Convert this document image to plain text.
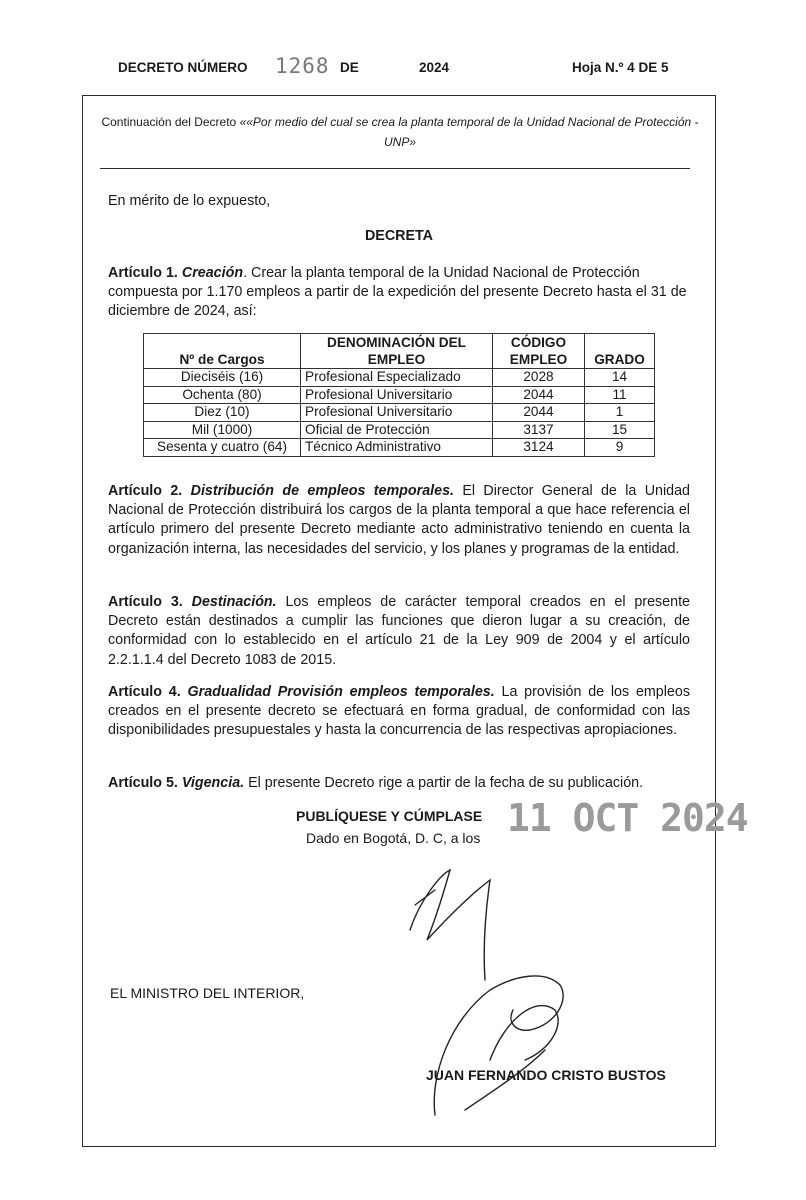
DECRETO NÚMERO 1268 DE	2024	Hoja N.º 4 DE 5
Continuación del Decreto ««Por medio del cual se crea la planta temporal de la Unidad Nacional de Protección - UNP»
En mérito de lo expuesto,
DECRETA
Artículo 1. Creación. Crear la planta temporal de la Unidad Nacional de Protección compuesta por 1.170 empleos a partir de la expedición del presente Decreto hasta el 31 de diciembre de 2024, así:
Nº de Cargos	DENOMINACIÓN DEL EMPLEO	CÓDIGO EMPLEO	GRADO
Dieciséis (16)	Profesional Especializado	2028	14
Ochenta (80)	Profesional Universitario	2044	11
Diez (10)	Profesional Universitario	2044	1
Mil (1000)	Oficial de Protección	3137	15
Sesenta y cuatro (64)	Técnico Administrativo	3124	9
Artículo 2. Distribución de empleos temporales. El Director General de la Unidad Nacional de Protección distribuirá los cargos de la planta temporal a que hace referencia el artículo primero del presente Decreto mediante acto administrativo teniendo en cuenta la organización interna, las necesidades del servicio, y los planes y programas de la entidad.
Artículo 3. Destinación. Los empleos de carácter temporal creados en el presente Decreto están destinados a cumplir las funciones que dieron lugar a su creación, de conformidad con lo establecido en el artículo 21 de la Ley 909 de 2004 y el artículo 2.2.1.1.4 del Decreto 1083 de 2015.
Artículo 4. Gradualidad Provisión empleos temporales. La provisión de los empleos creados en el presente decreto se efectuará en forma gradual, de conformidad con las disponibilidades presupuestales y hasta la concurrencia de las respectivas apropiaciones.
Artículo 5. Vigencia. El presente Decreto rige a partir de la fecha de su publicación.
PUBLÍQUESE Y CÚMPLASE
Dado en Bogotá, D. C, a los 11 OCT 2024
EL MINISTRO DEL INTERIOR,
JUAN FERNANDO CRISTO BUSTOS
